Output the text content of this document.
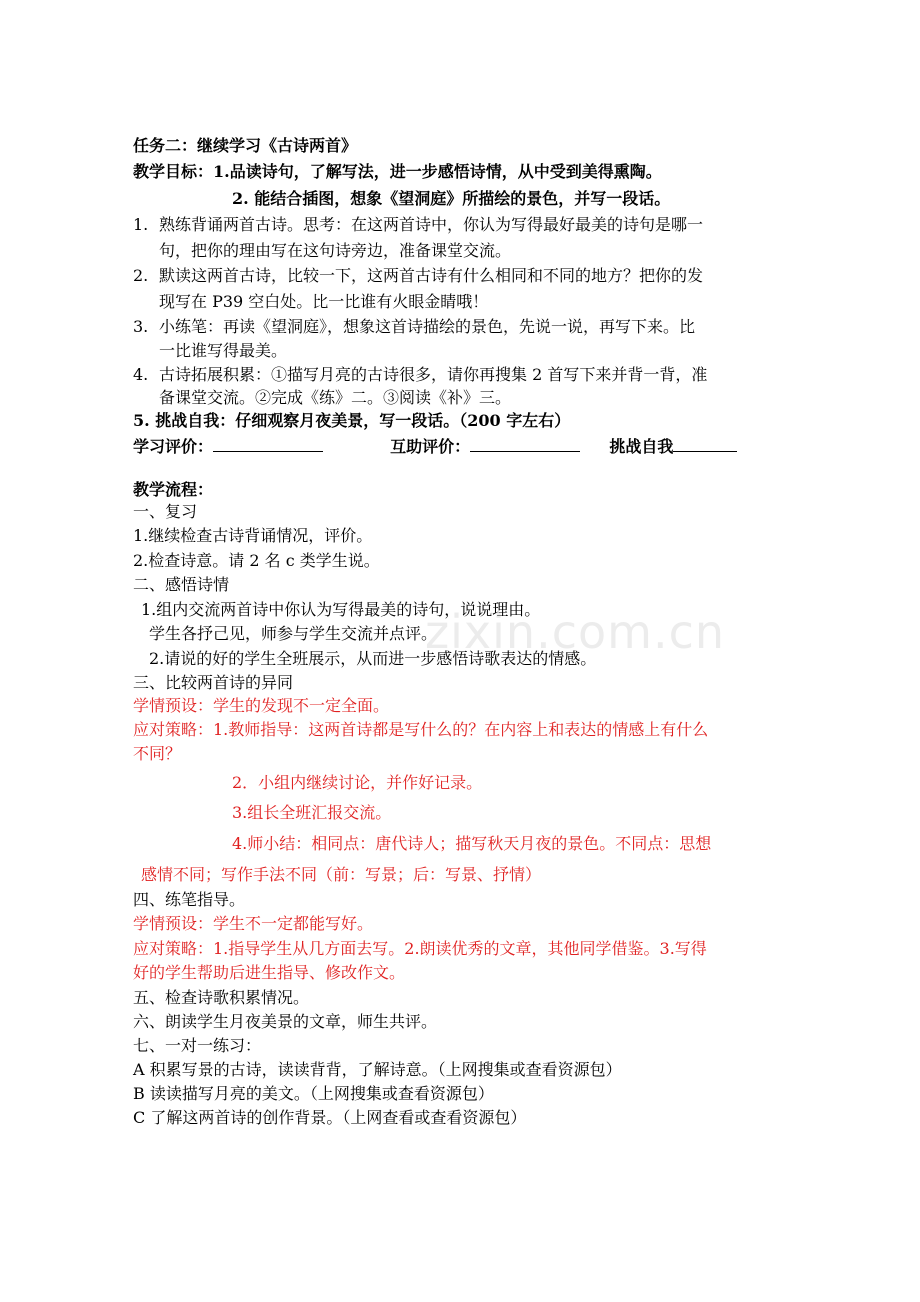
zixin.com.cn
任务二：继续学习《古诗两首》
教学目标：1.品读诗句，了解写法，进一步感悟诗情，从中受到美得熏陶。
2. 能结合插图，想象《望洞庭》所描绘的景色，并写一段话。
1. 熟练背诵两首古诗。思考：在这两首诗中，你认为写得最好最美的诗句是哪一
句，把你的理由写在这句诗旁边，准备课堂交流。
2. 默读这两首古诗，比较一下，这两首古诗有什么相同和不同的地方？把你的发
现写在 P39 空白处。比一比谁有火眼金睛哦！
3. 小练笔：再读《望洞庭》，想象这首诗描绘的景色，先说一说，再写下来。比
一比谁写得最美。
4. 古诗拓展积累：①描写月亮的古诗很多，请你再搜集 2 首写下来并背一背，准
备课堂交流。②完成《练》二。③阅读《补》三。
5. 挑战自我：仔细观察月夜美景，写一段话。（200 字左右）
学习评价：	互助评价：	挑战自我
教学流程：
一、复习
1.继续检查古诗背诵情况，评价。
2.检查诗意。请 2 名 c 类学生说。
二、感悟诗情
1.组内交流两首诗中你认为写得最美的诗句，说说理由。
学生各抒己见，师参与学生交流并点评。
2.请说的好的学生全班展示，从而进一步感悟诗歌表达的情感。
三、比较两首诗的异同
学情预设：学生的发现不一定全面。
应对策略：1.教师指导：这两首诗都是写什么的？在内容上和表达的情感上有什么
不同？
2．小组内继续讨论，并作好记录。
3.组长全班汇报交流。
4.师小结：相同点：唐代诗人；描写秋天月夜的景色。不同点：思想
感情不同；写作手法不同（前：写景；后：写景、抒情）
四、练笔指导。
学情预设：学生不一定都能写好。
应对策略：1.指导学生从几方面去写。2.朗读优秀的文章，其他同学借鉴。3.写得
好的学生帮助后进生指导、修改作文。
五、检查诗歌积累情况。
六、朗读学生月夜美景的文章，师生共评。
七、一对一练习：
A 积累写景的古诗，读读背背，了解诗意。（上网搜集或查看资源包）
B 读读描写月亮的美文。（上网搜集或查看资源包）
C 了解这两首诗的创作背景。（上网查看或查看资源包）
